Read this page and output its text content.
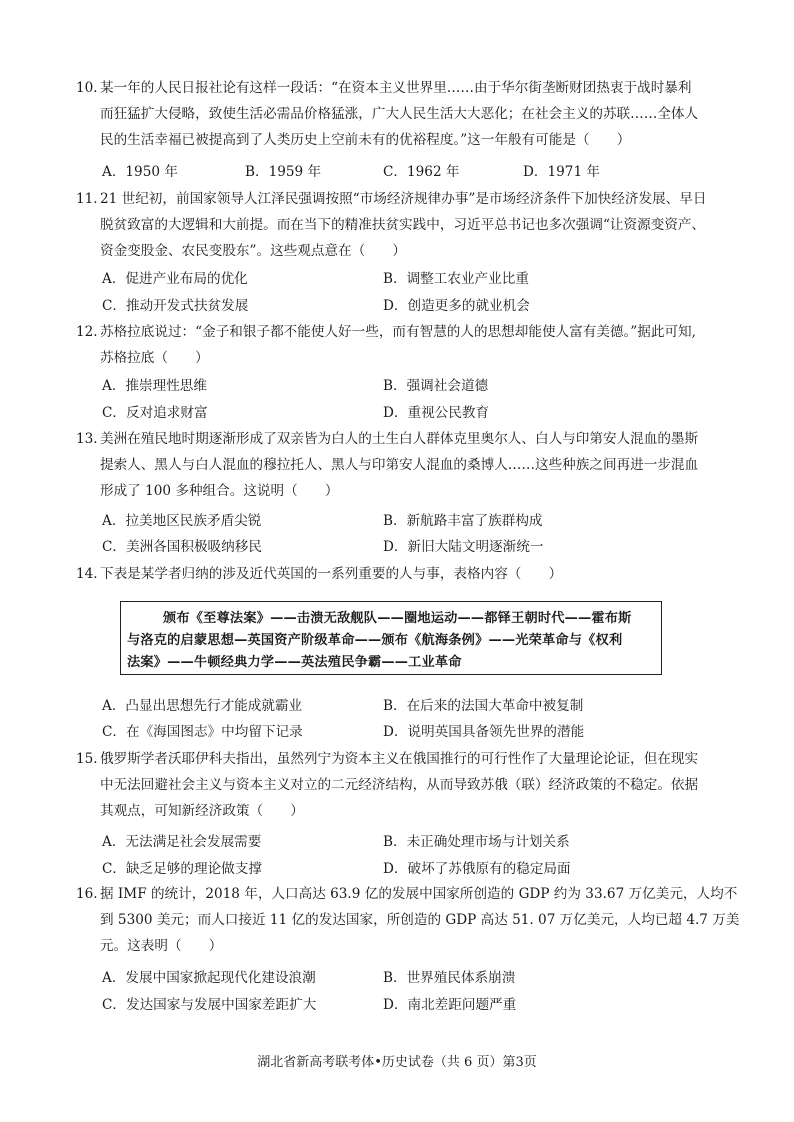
10. 某一年的人民日报社论有这样一段话：“在资本主义世界里……由于华尔街垄断财团热衷于战时暴利
而狂猛扩大侵略，致使生活必需品价格猛涨，广大人民生活大大恶化；在社会主义的苏联……全体人
民的生活幸福已被提高到了人类历史上空前未有的优裕程度。”这一年般有可能是（　　）
A．1950 年	B．1959 年	C．1962 年	D．1971 年
11. 21 世纪初，前国家领导人江泽民强调按照“市场经济规律办事”是市场经济条件下加快经济发展、早日
脱贫致富的大逻辑和大前提。而在当下的精准扶贫实践中，习近平总书记也多次强调“让资源变资产、
资金变股金、农民变股东”。这些观点意在（　　）
A．促进产业布局的优化	B．调整工农业产业比重
C．推动开发式扶贫发展	D．创造更多的就业机会
12. 苏格拉底说过：“金子和银子都不能使人好一些，而有智慧的人的思想却能使人富有美德。”据此可知,
苏格拉底（　　）
A．推崇理性思维	B．强调社会道德
C．反对追求财富	D．重视公民教育
13. 美洲在殖民地时期逐渐形成了双亲皆为白人的土生白人群体克里奥尔人、白人与印第安人混血的墨斯
提索人、黑人与白人混血的穆拉托人、黑人与印第安人混血的桑博人……这些种族之间再进一步混血
形成了 100 多种组合。这说明（　　）
A．拉美地区民族矛盾尖锐	B．新航路丰富了族群构成
C．美洲各国积极吸纳移民	D．新旧大陆文明逐渐统一
14. 下表是某学者归纳的涉及近代英国的一系列重要的人与事，表格内容（　　）
颁布《至尊法案》——击溃无敌舰队——圈地运动——都铎王朝时代——霍布斯
与洛克的启蒙思想—英国资产阶级革命——颁布《航海条例》——光荣革命与《权利
法案》——牛顿经典力学——英法殖民争霸——工业革命
A．凸显出思想先行才能成就霸业	B．在后来的法国大革命中被复制
C．在《海国图志》中均留下记录	D．说明英国具备领先世界的潜能
15. 俄罗斯学者沃耶伊科夫指出，虽然列宁为资本主义在俄国推行的可行性作了大量理论论证，但在现实
中无法回避社会主义与资本主义对立的二元经济结构，从而导致苏俄（联）经济政策的不稳定。依据
其观点，可知新经济政策（　　）
A．无法满足社会发展需要	B．未正确处理市场与计划关系
C．缺乏足够的理论做支撑	D．破坏了苏俄原有的稳定局面
16. 据 IMF 的统计，2018 年，人口高达 63.9 亿的发展中国家所创造的 GDP 约为 33.67 万亿美元，人均不
到 5300 美元；而人口接近 11 亿的发达国家，所创造的 GDP 高达 51. 07 万亿美元，人均已超 4.7 万美
元。这表明（　　）
A．发展中国家掀起现代化建设浪潮	B．世界殖民体系崩溃
C．发达国家与发展中国家差距扩大	D．南北差距问题严重
湖北省新高考联考体•历史试卷（共 6 页）第3页
